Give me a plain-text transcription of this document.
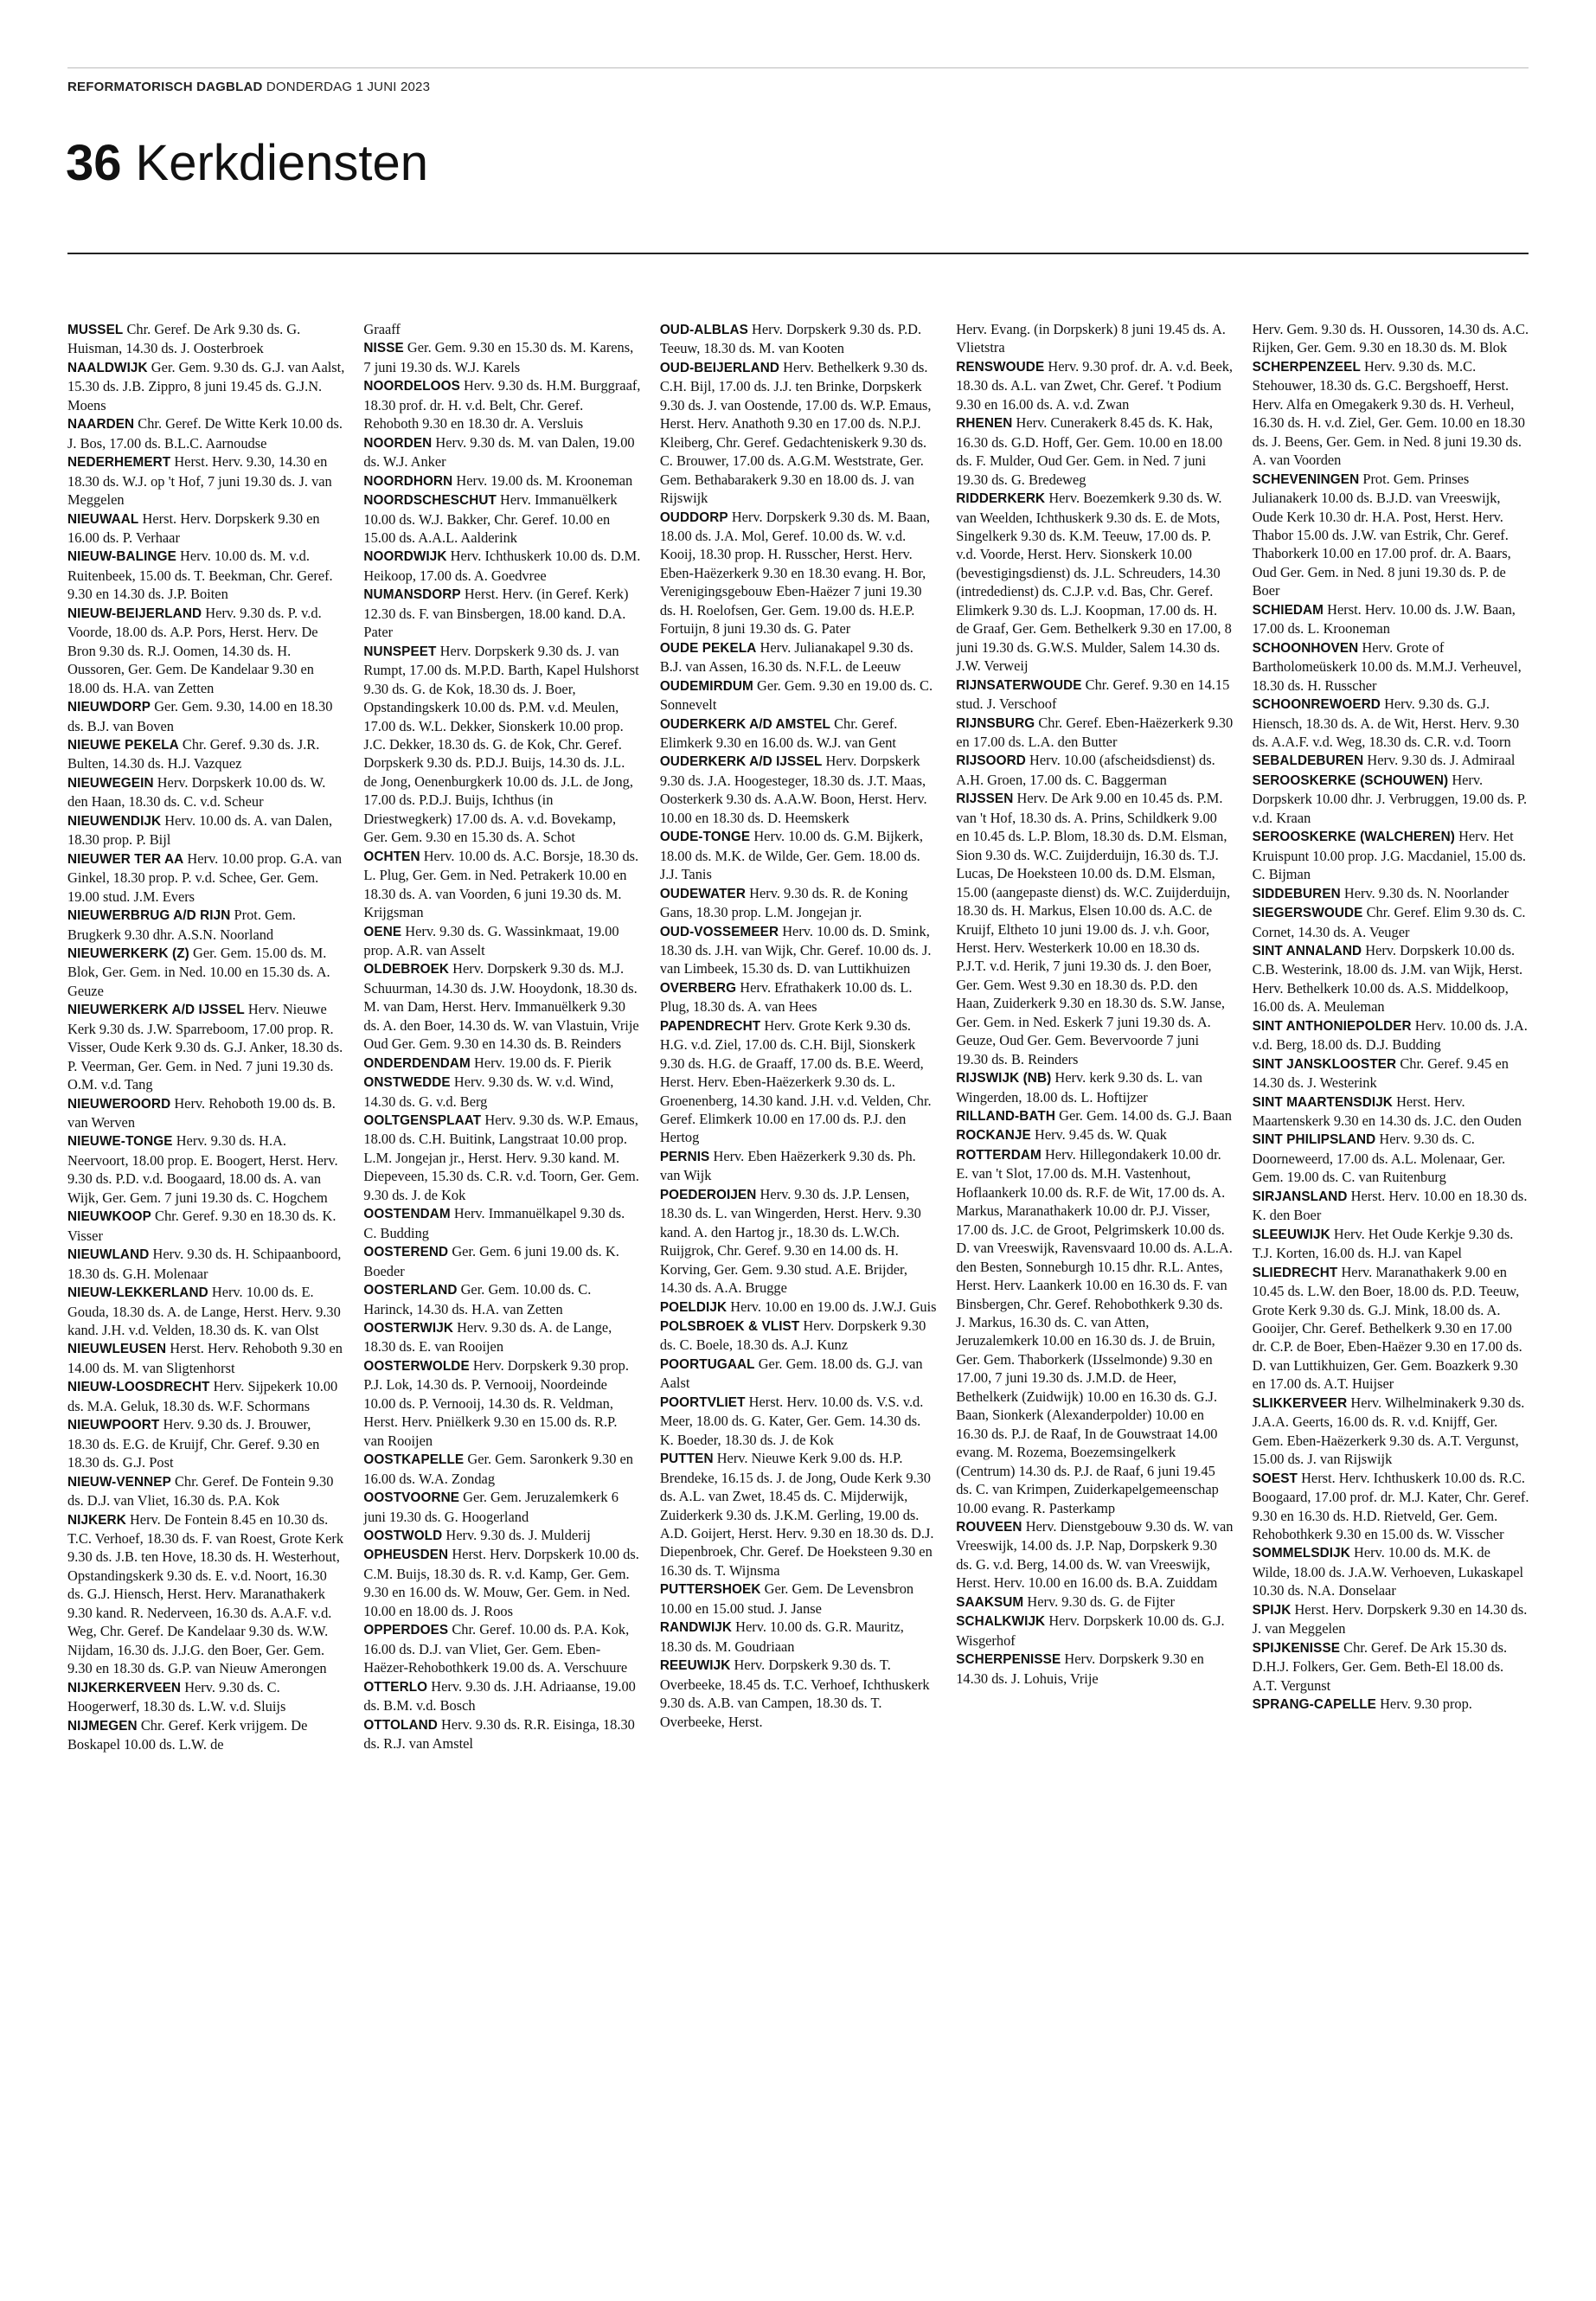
REFORMATORISCH DAGBLAD DONDERDAG 1 JUNI 2023
36 Kerkdiensten

MUSSEL Chr. Geref. De Ark 9.30 ds. G. Huisman, 14.30 ds. J. Oosterbroek

NAALDWIJK Ger. Gem. 9.30 ds. G.J. van Aalst, 15.30 ds. J.B. Zippro, 8 juni 19.45 ds. G.J.N. Moens

NAARDEN Chr. Geref. De Witte Kerk 10.00 ds. J. Bos, 17.00 ds. B.L.C. Aarnoudse

NEDERHEMERT Herst. Herv. 9.30, 14.30 en 18.30 ds. W.J. op 't Hof, 7 juni 19.30 ds. J. van Meggelen

NIEUWAAL Herst. Herv. Dorpskerk 9.30 en 16.00 ds. P. Verhaar

NIEUW-BALINGE Herv. 10.00 ds. M. v.d. Ruitenbeek, 15.00 ds. T. Beekman, Chr. Geref. 9.30 en 14.30 ds. J.P. Boiten

NIEUW-BEIJERLAND Herv. 9.30 ds. P. v.d. Voorde, 18.00 ds. A.P. Pors, Herst. Herv. De Bron 9.30 ds. R.J. Oomen, 14.30 ds. H. Oussoren, Ger. Gem. De Kandelaar 9.30 en 18.00 ds. H.A. van Zetten

NIEUWDORP Ger. Gem. 9.30, 14.00 en 18.30 ds. B.J. van Boven

NIEUWE PEKELA Chr. Geref. 9.30 ds. J.R. Bulten, 14.30 ds. H.J. Vazquez

NIEUWEGEIN Herv. Dorpskerk 10.00 ds. W. den Haan, 18.30 ds. C. v.d. Scheur

NIEUWENDIJK Herv. 10.00 ds. A. van Dalen, 18.30 prop. P. Bijl

NIEUWER TER AA Herv. 10.00 prop. G.A. van Ginkel, 18.30 prop. P. v.d. Schee, Ger. Gem. 19.00 stud. J.M. Evers

NIEUWERBRUG A/D RIJN Prot. Gem. Brugkerk 9.30 dhr. A.S.N. Noorland

NIEUWERKERK (Z) Ger. Gem. 15.00 ds. M. Blok, Ger. Gem. in Ned. 10.00 en 15.30 ds. A. Geuze

NIEUWERKERK A/D IJSSEL Herv. Nieuwe Kerk 9.30 ds. J.W. Sparreboom, 17.00 prop. R. Visser, Oude Kerk 9.30 ds. G.J. Anker, 18.30 ds. P. Veerman, Ger. Gem. in Ned. 7 juni 19.30 ds. O.M. v.d. Tang

NIEUWEROORD Herv. Rehoboth 19.00 ds. B. van Werven

NIEUWE-TONGE Herv. 9.30 ds. H.A. Neervoort, 18.00 prop. E. Boogert, Herst. Herv. 9.30 ds. P.D. v.d. Boogaard, 18.00 ds. A. van Wijk, Ger. Gem. 7 juni 19.30 ds. C. Hogchem

NIEUWKOOP Chr. Geref. 9.30 en 18.30 ds. K. Visser

NIEUWLAND Herv. 9.30 ds. H. Schipaanboord, 18.30 ds. G.H. Molenaar

NIEUW-LEKKERLAND Herv. 10.00 ds. E. Gouda, 18.30 ds. A. de Lange, Herst. Herv. 9.30 kand. J.H. v.d. Velden, 18.30 ds. K. van Olst

NIEUWLEUSEN Herst. Herv. Rehoboth 9.30 en 14.00 ds. M. van Sligtenhorst

NIEUW-LOOSDRECHT Herv. Sijpekerk 10.00 ds. M.A. Geluk, 18.30 ds. W.F. Schormans

NIEUWPOORT Herv. 9.30 ds. J. Brouwer, 18.30 ds. E.G. de Kruijf, Chr. Geref. 9.30 en 18.30 ds. G.J. Post

NIEUW-VENNEP Chr. Geref. De Fontein 9.30 ds. D.J. van Vliet, 16.30 ds. P.A. Kok

NIJKERK Herv. De Fontein 8.45 en 10.30 ds. T.C. Verhoef, 18.30 ds. F. van Roest, Grote Kerk 9.30 ds. J.B. ten Hove, 18.30 ds. H. Westerhout, Opstandingskerk 9.30 ds. E. v.d. Noort, 16.30 ds. G.J. Hiensch, Herst. Herv. Maranathakerk 9.30 kand. R. Nederveen, 16.30 ds. A.A.F. v.d. Weg, Chr. Geref. De Kandelaar 9.30 ds. W.W. Nijdam, 16.30 ds. J.J.G. den Boer, Ger. Gem. 9.30 en 18.30 ds. G.P. van Nieuw Amerongen

NIJKERKERVEEN Herv. 9.30 ds. C. Hoogerwerf, 18.30 ds. L.W. v.d. Sluijs

NIJMEGEN Chr. Geref. Kerk vrijgem. De Boskapel 10.00 ds. L.W. de

Graaff

NISSE Ger. Gem. 9.30 en 15.30 ds. M. Karens, 7 juni 19.30 ds. W.J. Karels

NOORDELOOS Herv. 9.30 ds. H.M. Burggraaf, 18.30 prof. dr. H. v.d. Belt, Chr. Geref. Rehoboth 9.30 en 18.30 dr. A. Versluis

NOORDEN Herv. 9.30 ds. M. van Dalen, 19.00 ds. W.J. Anker

NOORDHORN Herv. 19.00 ds. M. Krooneman

NOORDSCHESCHUT Herv. Immanuëlkerk 10.00 ds. W.J. Bakker, Chr. Geref. 10.00 en 15.00 ds. A.A.L. Aalderink

NOORDWIJK Herv. Ichthuskerk 10.00 ds. D.M. Heikoop, 17.00 ds. A. Goedvree

NUMANSDORP Herst. Herv. (in Geref. Kerk) 12.30 ds. F. van Binsbergen, 18.00 kand. D.A. Pater

NUNSPEET Herv. Dorpskerk 9.30 ds. J. van Rumpt, 17.00 ds. M.P.D. Barth, Kapel Hulshorst 9.30 ds. G. de Kok, 18.30 ds. J. Boer, Opstandingskerk 10.00 ds. P.M. v.d. Meulen, 17.00 ds. W.L. Dekker, Sionskerk 10.00 prop. J.C. Dekker, 18.30 ds. G. de Kok, Chr. Geref. Dorpskerk 9.30 ds. P.D.J. Buijs, 14.30 ds. J.L. de Jong, Oenenburgkerk 10.00 ds. J.L. de Jong, 17.00 ds. P.D.J. Buijs, Ichthus (in Driestwegkerk) 17.00 ds. A. v.d. Bovekamp, Ger. Gem. 9.30 en 15.30 ds. A. Schot

OCHTEN Herv. 10.00 ds. A.C. Borsje, 18.30 ds. L. Plug, Ger. Gem. in Ned. Petrakerk 10.00 en 18.30 ds. A. van Voorden, 6 juni 19.30 ds. M. Krijgsman

OENE Herv. 9.30 ds. G. Wassinkmaat, 19.00 prop. A.R. van Asselt

OLDEBROEK Herv. Dorpskerk 9.30 ds. M.J. Schuurman, 14.30 ds. J.W. Hooydonk, 18.30 ds. M. van Dam, Herst. Herv. Immanuëlkerk 9.30 ds. A. den Boer, 14.30 ds. W. van Vlastuin, Vrije Oud Ger. Gem. 9.30 en 14.30 ds. B. Reinders

ONDERDENDAM Herv. 19.00 ds. F. Pierik

ONSTWEDDE Herv. 9.30 ds. W. v.d. Wind, 14.30 ds. G. v.d. Berg

OOLTGENSPLAAT Herv. 9.30 ds. W.P. Emaus, 18.00 ds. C.H. Buitink, Langstraat 10.00 prop. L.M. Jongejan jr., Herst. Herv. 9.30 kand. M. Diepeveen, 15.30 ds. C.R. v.d. Toorn, Ger. Gem. 9.30 ds. J. de Kok

OOSTENDAM Herv. Immanuëlkapel 9.30 ds. C. Budding

OOSTEREND Ger. Gem. 6 juni 19.00 ds. K. Boeder

OOSTERLAND Ger. Gem. 10.00 ds. C. Harinck, 14.30 ds. H.A. van Zetten

OOSTERWIJK Herv. 9.30 ds. A. de Lange, 18.30 ds. E. van Rooijen

OOSTERWOLDE Herv. Dorpskerk 9.30 prop. P.J. Lok, 14.30 ds. P. Vernooij, Noordeinde 10.00 ds. P. Vernooij, 14.30 ds. R. Veldman, Herst. Herv. Pniëlkerk 9.30 en 15.00 ds. R.P. van Rooijen

OOSTKAPELLE Ger. Gem. Saronkerk 9.30 en 16.00 ds. W.A. Zondag

OOSTVOORNE Ger. Gem. Jeruzalemkerk 6 juni 19.30 ds. G. Hoogerland

OOSTWOLD Herv. 9.30 ds. J. Mulderij

OPHEUSDEN Herst. Herv. Dorpskerk 10.00 ds. C.M. Buijs, 18.30 ds. R. v.d. Kamp, Ger. Gem. 9.30 en 16.00 ds. W. Mouw, Ger. Gem. in Ned. 10.00 en 18.00 ds. J. Roos

OPPERDOES Chr. Geref. 10.00 ds. P.A. Kok, 16.00 ds. D.J. van Vliet, Ger. Gem. Eben-Haëzer-Rehobothkerk 19.00 ds. A. Verschuure

OTTERLO Herv. 9.30 ds. J.H. Adriaanse, 19.00 ds. B.M. v.d. Bosch

OTTOLAND Herv. 9.30 ds. R.R. Eisinga, 18.30 ds. R.J. van Amstel

OUD-ALBLAS Herv. Dorpskerk 9.30 ds. P.D. Teeuw, 18.30 ds. M. van Kooten

OUD-BEIJERLAND Herv. Bethelkerk 9.30 ds. C.H. Bijl, 17.00 ds. J.J. ten Brinke, Dorpskerk 9.30 ds. J. van Oostende, 17.00 ds. W.P. Emaus, Herst. Herv. Anathoth 9.30 en 17.00 ds. N.P.J. Kleiberg, Chr. Geref. Gedachteniskerk 9.30 ds. C. Brouwer, 17.00 ds. A.G.M. Weststrate, Ger. Gem. Bethabarakerk 9.30 en 18.00 ds. J. van Rijswijk

OUDDORP Herv. Dorpskerk 9.30 ds. M. Baan, 18.00 ds. J.A. Mol, Geref. 10.00 ds. W. v.d. Kooij, 18.30 prop. H. Russcher, Herst. Herv. Eben-Haëzerkerk 9.30 en 18.30 evang. H. Bor, Verenigingsgebouw Eben-Haëzer 7 juni 19.30 ds. H. Roelofsen, Ger. Gem. 19.00 ds. H.E.P. Fortuijn, 8 juni 19.30 ds. G. Pater

OUDE PEKELA Herv. Julianakapel 9.30 ds. B.J. van Assen, 16.30 ds. N.F.L. de Leeuw

OUDEMIRDUM Ger. Gem. 9.30 en 19.00 ds. C. Sonnevelt

OUDERKERK A/D AMSTEL Chr. Geref. Elimkerk 9.30 en 16.00 ds. W.J. van Gent

OUDERKERK A/D IJSSEL Herv. Dorpskerk 9.30 ds. J.A. Hoogesteger, 18.30 ds. J.T. Maas, Oosterkerk 9.30 ds. A.A.W. Boon, Herst. Herv. 10.00 en 18.30 ds. D. Heemskerk

OUDE-TONGE Herv. 10.00 ds. G.M. Bijkerk, 18.00 ds. M.K. de Wilde, Ger. Gem. 18.00 ds. J.J. Tanis

OUDEWATER Herv. 9.30 ds. R. de Koning Gans, 18.30 prop. L.M. Jongejan jr.

OUD-VOSSEMEER Herv. 10.00 ds. D. Smink, 18.30 ds. J.H. van Wijk, Chr. Geref. 10.00 ds. J. van Limbeek, 15.30 ds. D. van Luttikhuizen

OVERBERG Herv. Efrathakerk 10.00 ds. L. Plug, 18.30 ds. A. van Hees

PAPENDRECHT Herv. Grote Kerk 9.30 ds. H.G. v.d. Ziel, 17.00 ds. C.H. Bijl, Sionskerk 9.30 ds. H.G. de Graaff, 17.00 ds. B.E. Weerd, Herst. Herv. Eben-Haëzerkerk 9.30 ds. L. Groenenberg, 14.30 kand. J.H. v.d. Velden, Chr. Geref. Elimkerk 10.00 en 17.00 ds. P.J. den Hertog

PERNIS Herv. Eben Haëzerkerk 9.30 ds. Ph. van Wijk

POEDEROIJEN Herv. 9.30 ds. J.P. Lensen, 18.30 ds. L. van Wingerden, Herst. Herv. 9.30 kand. A. den Hartog jr., 18.30 ds. L.W.Ch. Ruijgrok, Chr. Geref. 9.30 en 14.00 ds. H. Korving, Ger. Gem. 9.30 stud. A.E. Brijder, 14.30 ds. A.A. Brugge

POELDIJK Herv. 10.00 en 19.00 ds. J.W.J. Guis

POLSBROEK & VLIST Herv. Dorpskerk 9.30 ds. C. Boele, 18.30 ds. A.J. Kunz

POORTUGAAL Ger. Gem. 18.00 ds. G.J. van Aalst

POORTVLIET Herst. Herv. 10.00 ds. V.S. v.d. Meer, 18.00 ds. G. Kater, Ger. Gem. 14.30 ds. K. Boeder, 18.30 ds. J. de Kok

PUTTEN Herv. Nieuwe Kerk 9.00 ds. H.P. Brendeke, 16.15 ds. J. de Jong, Oude Kerk 9.30 ds. A.L. van Zwet, 18.45 ds. C. Mijderwijk, Zuiderkerk 9.30 ds. J.K.M. Gerling, 19.00 ds. A.D. Goijert, Herst. Herv. 9.30 en 18.30 ds. D.J. Diepenbroek, Chr. Geref. De Hoeksteen 9.30 en 16.30 ds. T. Wijnsma

PUTTERSHOEK Ger. Gem. De Levensbron 10.00 en 15.00 stud. J. Janse

RANDWIJK Herv. 10.00 ds. G.R. Mauritz, 18.30 ds. M. Goudriaan

REEUWIJK Herv. Dorpskerk 9.30 ds. T. Overbeeke, 18.45 ds. T.C. Verhoef, Ichthuskerk 9.30 ds. A.B. van Campen, 18.30 ds. T. Overbeeke, Herst.

Herv. Evang. (in Dorpskerk) 8 juni 19.45 ds. A. Vlietstra

RENSWOUDE Herv. 9.30 prof. dr. A. v.d. Beek, 18.30 ds. A.L. van Zwet, Chr. Geref. 't Podium 9.30 en 16.00 ds. A. v.d. Zwan

RHENEN Herv. Cunerakerk 8.45 ds. K. Hak, 16.30 ds. G.D. Hoff, Ger. Gem. 10.00 en 18.00 ds. F. Mulder, Oud Ger. Gem. in Ned. 7 juni 19.30 ds. G. Bredeweg

RIDDERKERK Herv. Boezemkerk 9.30 ds. W. van Weelden, Ichthuskerk 9.30 ds. E. de Mots, Singelkerk 9.30 ds. K.M. Teeuw, 17.00 ds. P. v.d. Voorde, Herst. Herv. Sionskerk 10.00 (bevestigingsdienst) ds. J.L. Schreuders, 14.30 (intrededienst) ds. C.J.P. v.d. Bas, Chr. Geref. Elimkerk 9.30 ds. L.J. Koopman, 17.00 ds. H. de Graaf, Ger. Gem. Bethelkerk 9.30 en 17.00, 8 juni 19.30 ds. G.W.S. Mulder, Salem 14.30 ds. J.W. Verweij

RIJNSATERWOUDE Chr. Geref. 9.30 en 14.15 stud. J. Verschoof

RIJNSBURG Chr. Geref. Eben-Haëzerkerk 9.30 en 17.00 ds. L.A. den Butter

RIJSOORD Herv. 10.00 (afscheidsdienst) ds. A.H. Groen, 17.00 ds. C. Baggerman

RIJSSEN Herv. De Ark 9.00 en 10.45 ds. P.M. van 't Hof, 18.30 ds. A. Prins, Schildkerk 9.00 en 10.45 ds. L.P. Blom, 18.30 ds. D.M. Elsman, Sion 9.30 ds. W.C. Zuijderduijn, 16.30 ds. T.J. Lucas, De Hoeksteen 10.00 ds. D.M. Elsman, 15.00 (aangepaste dienst) ds. W.C. Zuijderduijn, 18.30 ds. H. Markus, Elsen 10.00 ds. A.C. de Kruijf, Eltheto 10 juni 19.00 ds. J. v.h. Goor, Herst. Herv. Westerkerk 10.00 en 18.30 ds. P.J.T. v.d. Herik, 7 juni 19.30 ds. J. den Boer, Ger. Gem. West 9.30 en 18.30 ds. P.D. den Haan, Zuiderkerk 9.30 en 18.30 ds. S.W. Janse, Ger. Gem. in Ned. Eskerk 7 juni 19.30 ds. A. Geuze, Oud Ger. Gem. Bevervoorde 7 juni 19.30 ds. B. Reinders

RIJSWIJK (NB) Herv. kerk 9.30 ds. L. van Wingerden, 18.00 ds. L. Hoftijzer

RILLAND-BATH Ger. Gem. 14.00 ds. G.J. Baan

ROCKANJE Herv. 9.45 ds. W. Quak

ROTTERDAM Herv. Hillegondakerk 10.00 dr. E. van 't Slot, 17.00 ds. M.H. Vastenhout, Hoflaankerk 10.00 ds. R.F. de Wit, 17.00 ds. A. Markus, Maranathakerk 10.00 dr. P.J. Visser, 17.00 ds. J.C. de Groot, Pelgrimskerk 10.00 ds. D. van Vreeswijk, Ravensvaard 10.00 ds. A.L.A. den Besten, Sonneburgh 10.15 dhr. R.L. Antes, Herst. Herv. Laankerk 10.00 en 16.30 ds. F. van Binsbergen, Chr. Geref. Rehobothkerk 9.30 ds. J. Markus, 16.30 ds. C. van Atten, Jeruzalemkerk 10.00 en 16.30 ds. J. de Bruin, Ger. Gem. Thaborkerk (IJsselmonde) 9.30 en 17.00, 7 juni 19.30 ds. J.M.D. de Heer, Bethelkerk (Zuidwijk) 10.00 en 16.30 ds. G.J. Baan, Sionkerk (Alexanderpolder) 10.00 en 16.30 ds. P.J. de Raaf, In de Gouwstraat 14.00 evang. M. Rozema, Boezemsingelkerk (Centrum) 14.30 ds. P.J. de Raaf, 6 juni 19.45 ds. C. van Krimpen, Zuiderkapelgemeenschap 10.00 evang. R. Pasterkamp

ROUVEEN Herv. Dienstgebouw 9.30 ds. W. van Vreeswijk, 14.00 ds. J.P. Nap, Dorpskerk 9.30 ds. G. v.d. Berg, 14.00 ds. W. van Vreeswijk, Herst. Herv. 10.00 en 16.00 ds. B.A. Zuiddam

SAAKSUM Herv. 9.30 ds. G. de Fijter

SCHALKWIJK Herv. Dorpskerk 10.00 ds. G.J. Wisgerhof

SCHERPENISSE Herv. Dorpskerk 9.30 en 14.30 ds. J. Lohuis, Vrije

Herv. Gem. 9.30 ds. H. Oussoren, 14.30 ds. A.C. Rijken, Ger. Gem. 9.30 en 18.30 ds. M. Blok

SCHERPENZEEL Herv. 9.30 ds. M.C. Stehouwer, 18.30 ds. G.C. Bergshoeff, Herst. Herv. Alfa en Omegakerk 9.30 ds. H. Verheul, 16.30 ds. H. v.d. Ziel, Ger. Gem. 10.00 en 18.30 ds. J. Beens, Ger. Gem. in Ned. 8 juni 19.30 ds. A. van Voorden

SCHEVENINGEN Prot. Gem. Prinses Julianakerk 10.00 ds. B.J.D. van Vreeswijk, Oude Kerk 10.30 dr. H.A. Post, Herst. Herv. Thabor 15.00 ds. J.W. van Estrik, Chr. Geref. Thaborkerk 10.00 en 17.00 prof. dr. A. Baars, Oud Ger. Gem. in Ned. 8 juni 19.30 ds. P. de Boer

SCHIEDAM Herst. Herv. 10.00 ds. J.W. Baan, 17.00 ds. L. Krooneman

SCHOONHOVEN Herv. Grote of Bartholomeüskerk 10.00 ds. M.M.J. Verheuvel, 18.30 ds. H. Russcher

SCHOONREWOERD Herv. 9.30 ds. G.J. Hiensch, 18.30 ds. A. de Wit, Herst. Herv. 9.30 ds. A.A.F. v.d. Weg, 18.30 ds. C.R. v.d. Toorn

SEBALDEBUREN Herv. 9.30 ds. J. Admiraal

SEROOSKERKE (SCHOUWEN) Herv. Dorpskerk 10.00 dhr. J. Verbruggen, 19.00 ds. P. v.d. Kraan

SEROOSKERKE (WALCHEREN) Herv. Het Kruispunt 10.00 prop. J.G. Macdaniel, 15.00 ds. C. Bijman

SIDDEBUREN Herv. 9.30 ds. N. Noorlander

SIEGERSWOUDE Chr. Geref. Elim 9.30 ds. C. Cornet, 14.30 ds. A. Veuger

SINT ANNALAND Herv. Dorpskerk 10.00 ds. C.B. Westerink, 18.00 ds. J.M. van Wijk, Herst. Herv. Bethelkerk 10.00 ds. A.S. Middelkoop, 16.00 ds. A. Meuleman

SINT ANTHONIEPOLDER Herv. 10.00 ds. J.A. v.d. Berg, 18.00 ds. D.J. Budding

SINT JANSKLOOSTER Chr. Geref. 9.45 en 14.30 ds. J. Westerink

SINT MAARTENSDIJK Herst. Herv. Maartenskerk 9.30 en 14.30 ds. J.C. den Ouden

SINT PHILIPSLAND Herv. 9.30 ds. C. Doorneweerd, 17.00 ds. A.L. Molenaar, Ger. Gem. 19.00 ds. C. van Ruitenburg

SIRJANSLAND Herst. Herv. 10.00 en 18.30 ds. K. den Boer

SLEEUWIJK Herv. Het Oude Kerkje 9.30 ds. T.J. Korten, 16.00 ds. H.J. van Kapel

SLIEDRECHT Herv. Maranathakerk 9.00 en 10.45 ds. L.W. den Boer, 18.00 ds. P.D. Teeuw, Grote Kerk 9.30 ds. G.J. Mink, 18.00 ds. A. Gooijer, Chr. Geref. Bethelkerk 9.30 en 17.00 dr. C.P. de Boer, Eben-Haëzer 9.30 en 17.00 ds. D. van Luttikhuizen, Ger. Gem. Boazkerk 9.30 en 17.00 ds. A.T. Huijser

SLIKKERVEER Herv. Wilhelminakerk 9.30 ds. J.A.A. Geerts, 16.00 ds. R. v.d. Knijff, Ger. Gem. Eben-Haëzerkerk 9.30 ds. A.T. Vergunst, 15.00 ds. J. van Rijswijk

SOEST Herst. Herv. Ichthuskerk 10.00 ds. R.C. Boogaard, 17.00 prof. dr. M.J. Kater, Chr. Geref. 9.30 en 16.30 ds. H.D. Rietveld, Ger. Gem. Rehobothkerk 9.30 en 15.00 ds. W. Visscher

SOMMELSDIJK Herv. 10.00 ds. M.K. de Wilde, 18.00 ds. J.A.W. Verhoeven, Lukaskapel 10.30 ds. N.A. Donselaar

SPIJK Herst. Herv. Dorpskerk 9.30 en 14.30 ds. J. van Meggelen

SPIJKENISSE Chr. Geref. De Ark 15.30 ds. D.H.J. Folkers, Ger. Gem. Beth-El 18.00 ds. A.T. Vergunst

SPRANG-CAPELLE Herv. 9.30 prop.
